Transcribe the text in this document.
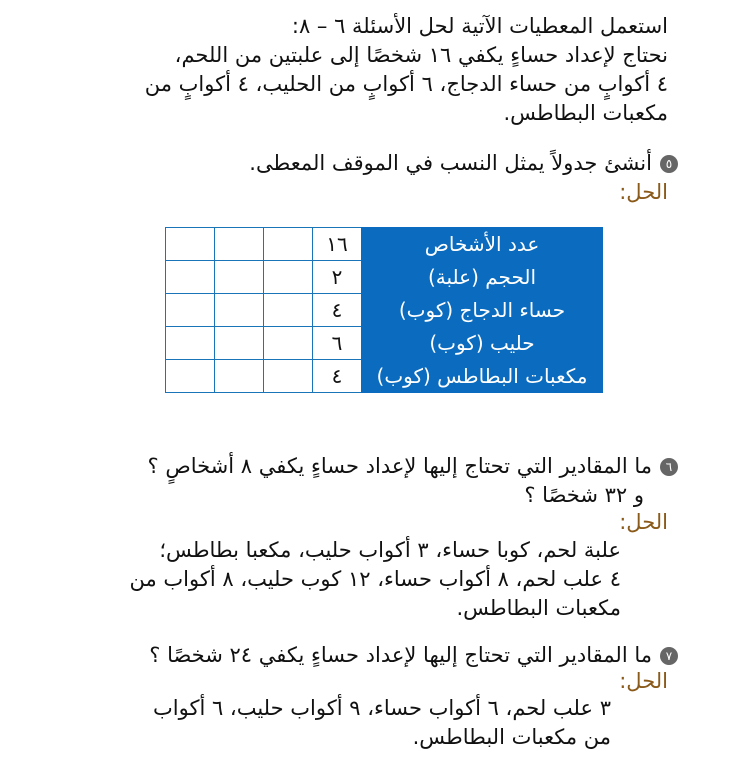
استعمل المعطيات الآتية لحل الأسئلة ٦ – ٨:
نحتاج لإعداد حساءٍ يكفي ١٦ شخصًا إلى علبتين من اللحم،
٤ أكوابٍ من حساء الدجاج، ٦ أكوابٍ من الحليب، ٤ أكوابٍ من
مكعبات البطاطس.
٥
أنشئ جدولاً يمثل النسب في الموقف المعطى.
الحل:
عدد الأشخاص	١٦			
الحجم (علبة)	٢			
حساء الدجاج (كوب)	٤			
حليب (كوب)	٦			
مكعبات البطاطس (كوب)	٤			
٦
ما المقادير التي تحتاج إليها لإعداد حساءٍ يكفي ٨ أشخاصٍ ؟
و ٣٢ شخصًا ؟
الحل:
علبة لحم، كوبا حساء، ٣ أكواب حليب، مكعبا بطاطس؛
٤ علب لحم، ٨ أكواب حساء، ١٢ كوب حليب، ٨ أكواب من
مكعبات البطاطس.
٧
ما المقادير التي تحتاج إليها لإعداد حساءٍ يكفي ٢٤ شخصًا ؟
الحل:
٣ علب لحم، ٦ أكواب حساء، ٩ أكواب حليب، ٦ أكواب
من مكعبات البطاطس.
